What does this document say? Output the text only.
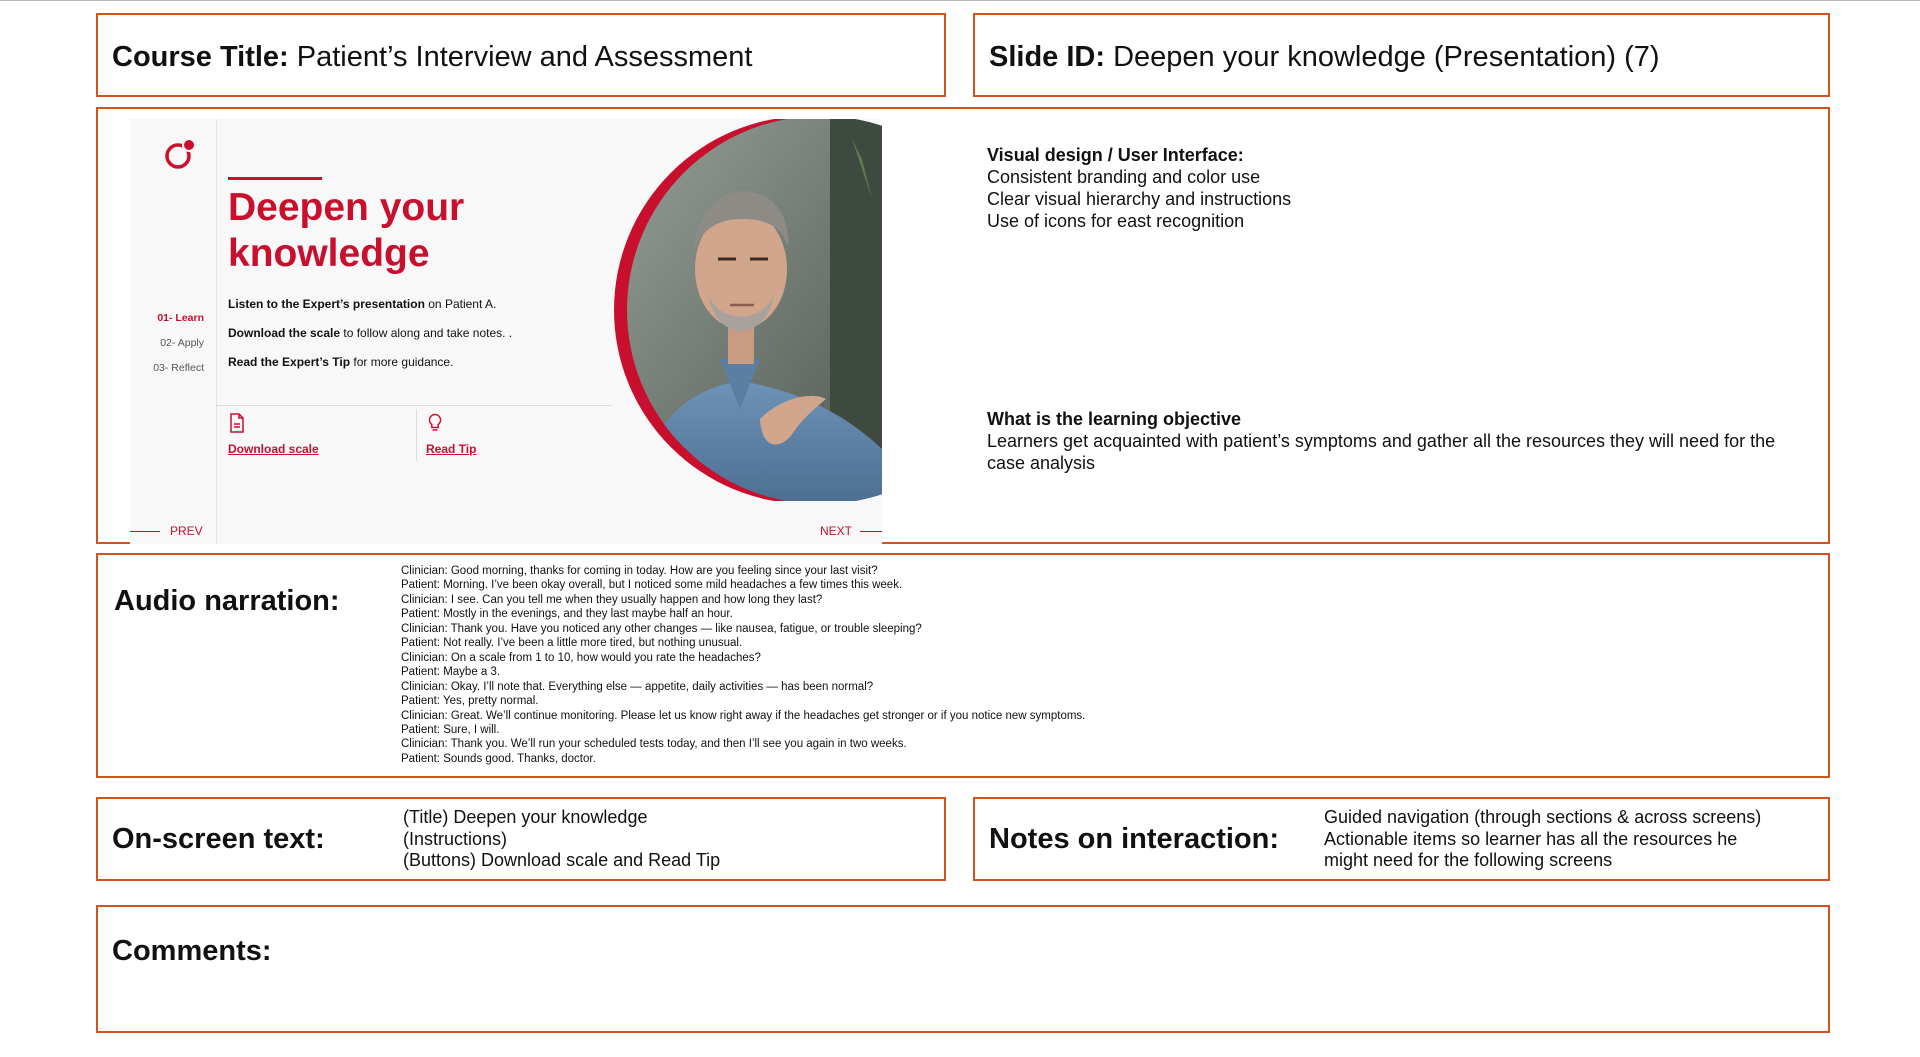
Course Title: Patient’s Interview and Assessment	Slide ID: Deepen your knowledge (Presentation) (7)
01- Learn
02- Apply
03- Reflect
PREV	NEXT
Deepen your
knowledge

Listen to the Expert’s presentation on Patient A.

Download the scale to follow along and take notes. .

Read the Expert’s Tip for more guidance.

Download scale	Read Tip
Visual design / User Interface:
Consistent branding and color use
Clear visual hierarchy and instructions
Use of icons for east recognition
What is the learning objective
Learners get acquainted with patient’s symptoms and gather all the resources they will need for the case analysis
Audio narration:
Clinician: Good morning, thanks for coming in today. How are you feeling since your last visit?
Patient: Morning. I’ve been okay overall, but I noticed some mild headaches a few times this week.
Clinician: I see. Can you tell me when they usually happen and how long they last?
Patient: Mostly in the evenings, and they last maybe half an hour.
Clinician: Thank you. Have you noticed any other changes — like nausea, fatigue, or trouble sleeping?
Patient: Not really. I’ve been a little more tired, but nothing unusual.
Clinician: On a scale from 1 to 10, how would you rate the headaches?
Patient: Maybe a 3.
Clinician: Okay. I’ll note that. Everything else — appetite, daily activities — has been normal?
Patient: Yes, pretty normal.
Clinician: Great. We’ll continue monitoring. Please let us know right away if the headaches get stronger or if you notice new symptoms.
Patient: Sure, I will.
Clinician: Thank you. We’ll run your scheduled tests today, and then I’ll see you again in two weeks.
Patient: Sounds good. Thanks, doctor.
On-screen text:
(Title) Deepen your knowledge
(Instructions)
(Buttons) Download scale and Read Tip
Notes on interaction:
Guided navigation (through sections & across screens)
Actionable items so learner has all the resources he
might need for the following screens
Comments:
